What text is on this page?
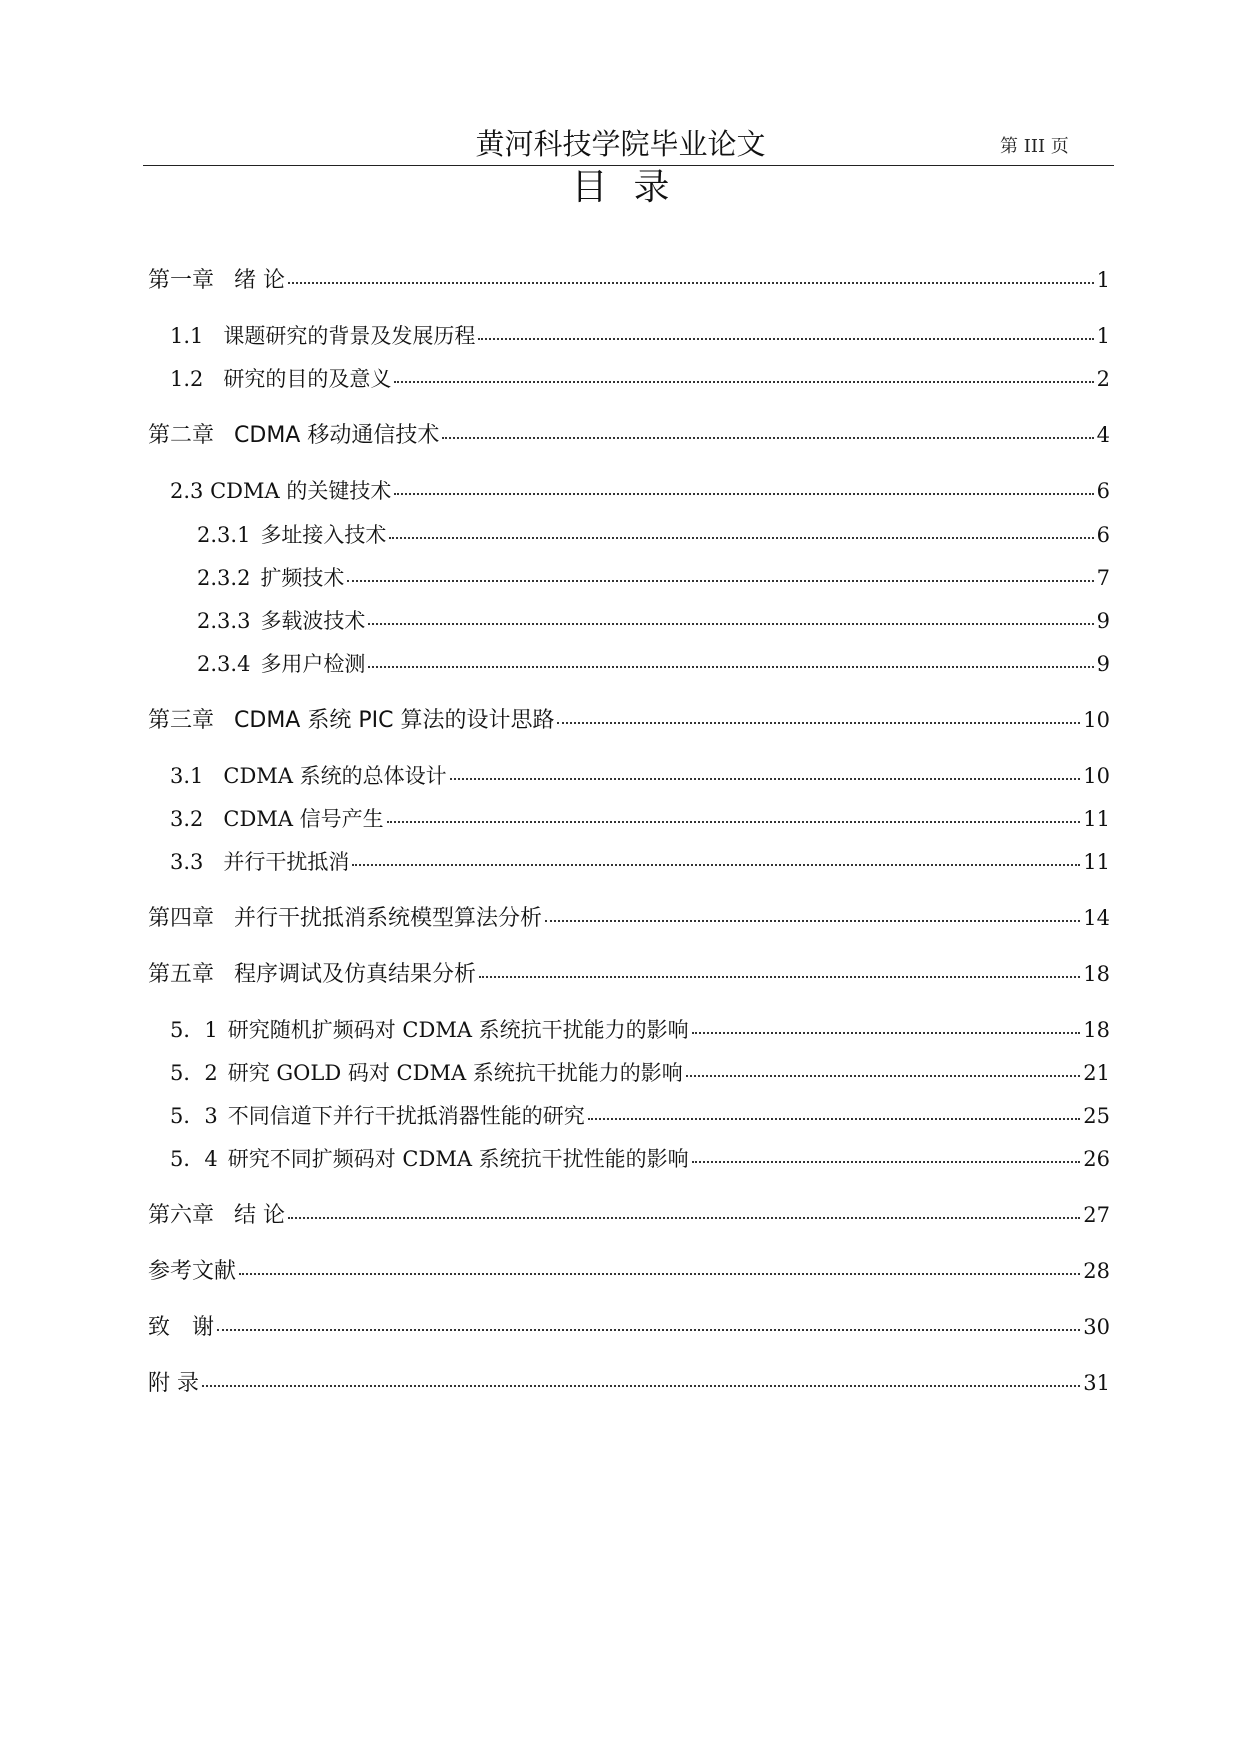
黄河科技学院毕业论文	第 III 页
目录
第一章 绪 论	1
1.1 课题研究的背景及发展历程	1
1.2 研究的目的及意义	2
第二章 CDMA 移动通信技术	4
2.3 CDMA 的关键技术	6
2.3.1 多址接入技术	6
2.3.2 扩频技术	7
2.3.3 多载波技术	9
2.3.4 多用户检测	9
第三章 CDMA 系统 PIC 算法的设计思路	10
3.1 CDMA 系统的总体设计	10
3.2 CDMA 信号产生	11
3.3 并行干扰抵消	11
第四章 并行干扰抵消系统模型算法分析	14
第五章 程序调试及仿真结果分析	18
5．1 研究随机扩频码对 CDMA 系统抗干扰能力的影响	18
5．2 研究 GOLD 码对 CDMA 系统抗干扰能力的影响	21
5．3 不同信道下并行干扰抵消器性能的研究	25
5．4 研究不同扩频码对 CDMA 系统抗干扰性能的影响	26
第六章 结 论	27
参考文献	28
致　谢	30
附 录	31
